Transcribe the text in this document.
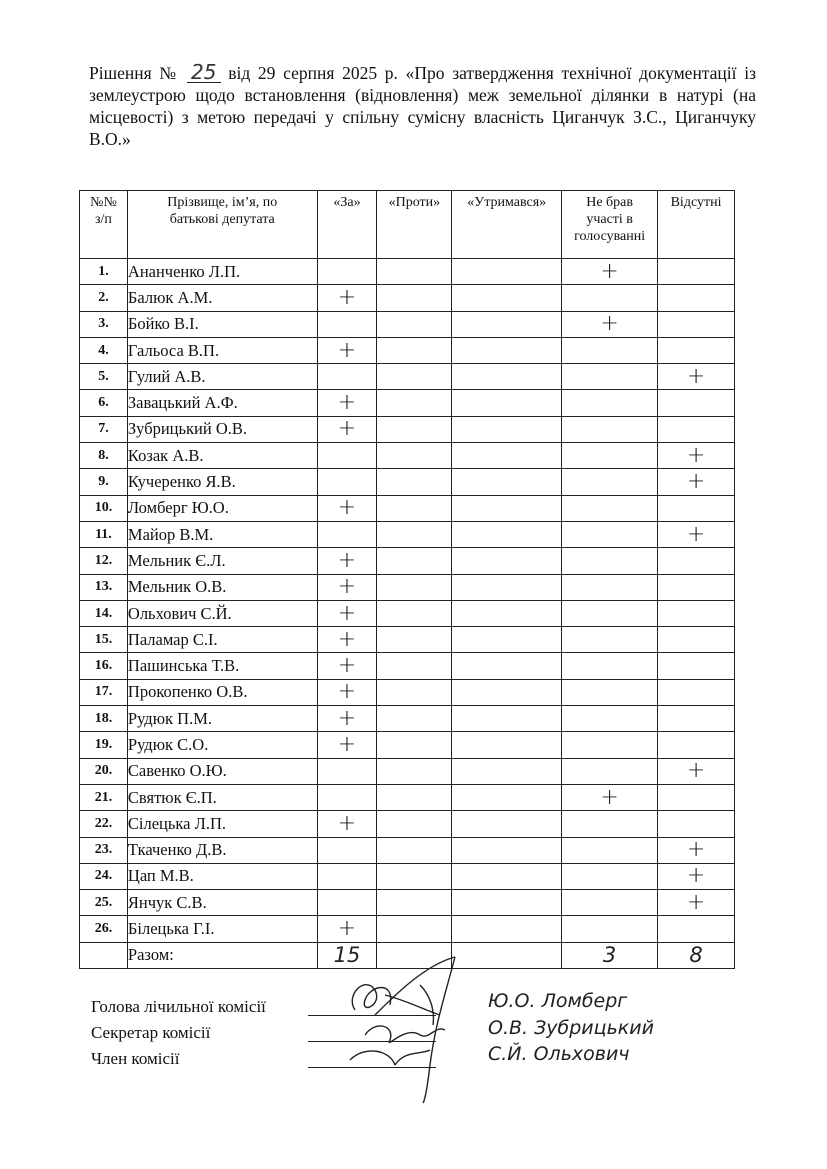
Рішення № 25 від 29 серпня 2025 р. «Про затвердження технічної документації із землеустрою щодо встановлення (відновлення) меж земельної ділянки в натурі (на місцевості) з метою передачі у спільну сумісну власність Циганчук З.С., Циганчуку В.О.»
№№ з/п	Прізвище, ім’я, по батькові депутата	«За»	«Проти»	«Утримався»	Не брав участі в голосуванні	Відсутні
1.	Ананченко Л.П.				+	
2.	Балюк А.М.	+				
3.	Бойко В.І.				+	
4.	Гальоса В.П.	+				
5.	Гулий А.В.					+
6.	Завацький А.Ф.	+				
7.	Зубрицький О.В.	+				
8.	Козак А.В.					+
9.	Кучеренко Я.В.					+
10.	Ломберг Ю.О.	+				
11.	Майор В.М.					+
12.	Мельник Є.Л.	+				
13.	Мельник О.В.	+				
14.	Ольхович С.Й.	+				
15.	Паламар С.І.	+				
16.	Пашинська Т.В.	+				
17.	Прокопенко О.В.	+				
18.	Рудюк П.М.	+				
19.	Рудюк С.О.	+				
20.	Савенко О.Ю.					+
21.	Святюк Є.П.				+	
22.	Сілецька Л.П.	+				
23.	Ткаченко Д.В.					+
24.	Цап М.В.					+
25.	Янчук С.В.					+
26.	Білецька Г.І.	+				
	Разом:	15			3	8
Голова лічильної комісії
Секретар комісії
Член комісії
Ю.О. Ломберг
О.В. Зубрицький
С.Й. Ольхович
